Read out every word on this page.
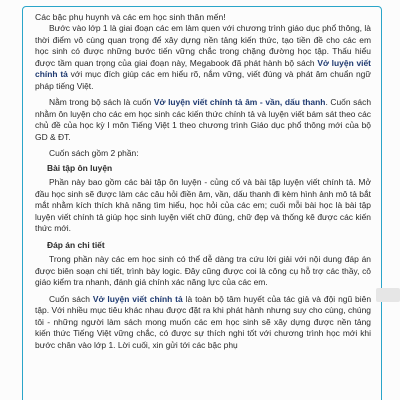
Các bậc phụ huynh và các em học sinh thân mến!

Bước vào lớp 1 là giai đoạn các em làm quen với chương trình giáo dục phổ thông, là thời điểm vô cùng quan trọng để xây dựng nền tảng kiến thức, tạo tiền đề cho các em học sinh có được những bước tiến vững chắc trong chặng đường học tập. Thấu hiểu được tầm quan trọng của giai đoạn này, Megabook đã phát hành bộ sách Vở luyện viết chính tả với mục đích giúp các em hiểu rõ, nắm vững, viết đúng và phát âm chuẩn ngữ pháp tiếng Việt.

Nằm trong bộ sách là cuốn Vở luyện viết chính tả âm - vần, dấu thanh. Cuốn sách nhằm ôn luyện cho các em học sinh các kiến thức chính tả và luyện viết bám sát theo các chủ đề của học kỳ I môn Tiếng Việt 1 theo chương trình Giáo dục phổ thông mới của bộ GD & ĐT.

Cuốn sách gồm 2 phần:

Bài tập ôn luyện

Phần này bao gồm các bài tập ôn luyện - củng cố và bài tập luyện viết chính tả. Mở đầu học sinh sẽ được làm các câu hỏi điền âm, vần, dấu thanh đi kèm hình ảnh mô tả bắt mắt nhằm kích thích khả năng tìm hiểu, học hỏi của các em; cuối mỗi bài học là bài tập luyện viết chính tả giúp học sinh luyện viết chữ đúng, chữ đẹp và thống kê được các kiến thức mới.

Đáp án chi tiết

Trong phần này các em học sinh có thể dễ dàng tra cứu lời giải với nội dung đáp án được biên soạn chi tiết, trình bày logic. Đây cũng được coi là công cụ hỗ trợ các thầy, cô giáo kiểm tra nhanh, đánh giá chính xác năng lực của các em.

Cuốn sách Vở luyện viết chính tả là toàn bộ tâm huyết của tác giả và đội ngũ biên tập. Với nhiều mục tiêu khác nhau được đặt ra khi phát hành nhưng suy cho cùng, chúng tôi - những người làm sách mong muốn các em học sinh sẽ xây dựng được nền tảng kiến thức Tiếng Việt vững chắc, có được sự thích nghi tốt với chương trình học mới khi bước chân vào lớp 1. Lời cuối, xin gửi tới các bậc phụ
